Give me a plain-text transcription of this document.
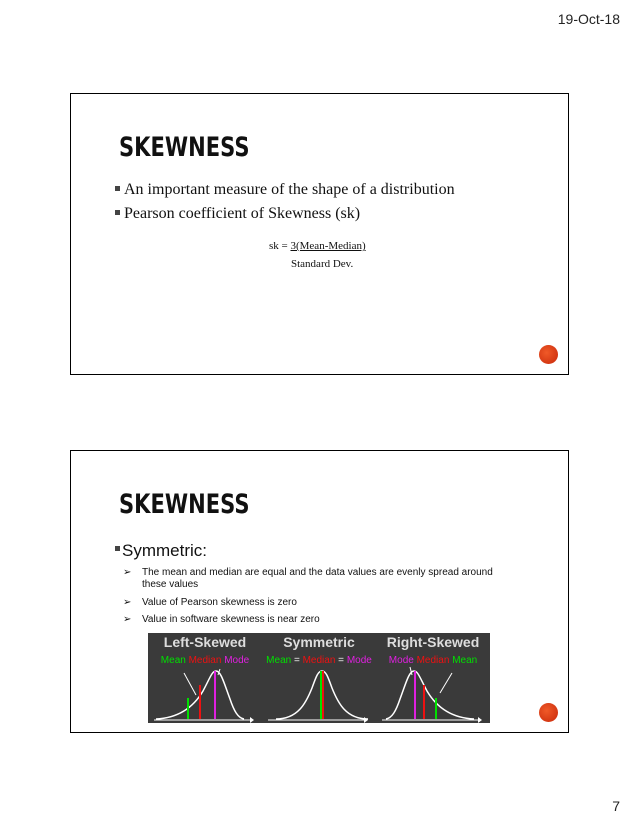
19-Oct-18
SKEWNESS
An important measure of the shape of a distribution
Pearson coefficient of Skewness (sk)
sk = 3(Mean-Median)
Standard Dev.
SKEWNESS
Symmetric:
➢ The mean and median are equal and the data values are evenly spread around these values
➢ Value of Pearson skewness is zero
➢ Value in software skewness is near zero
Left-Skewed
Mean Median Mode
Symmetric
Mean = Median = Mode
Right-Skewed
Mode Median Mean
7
